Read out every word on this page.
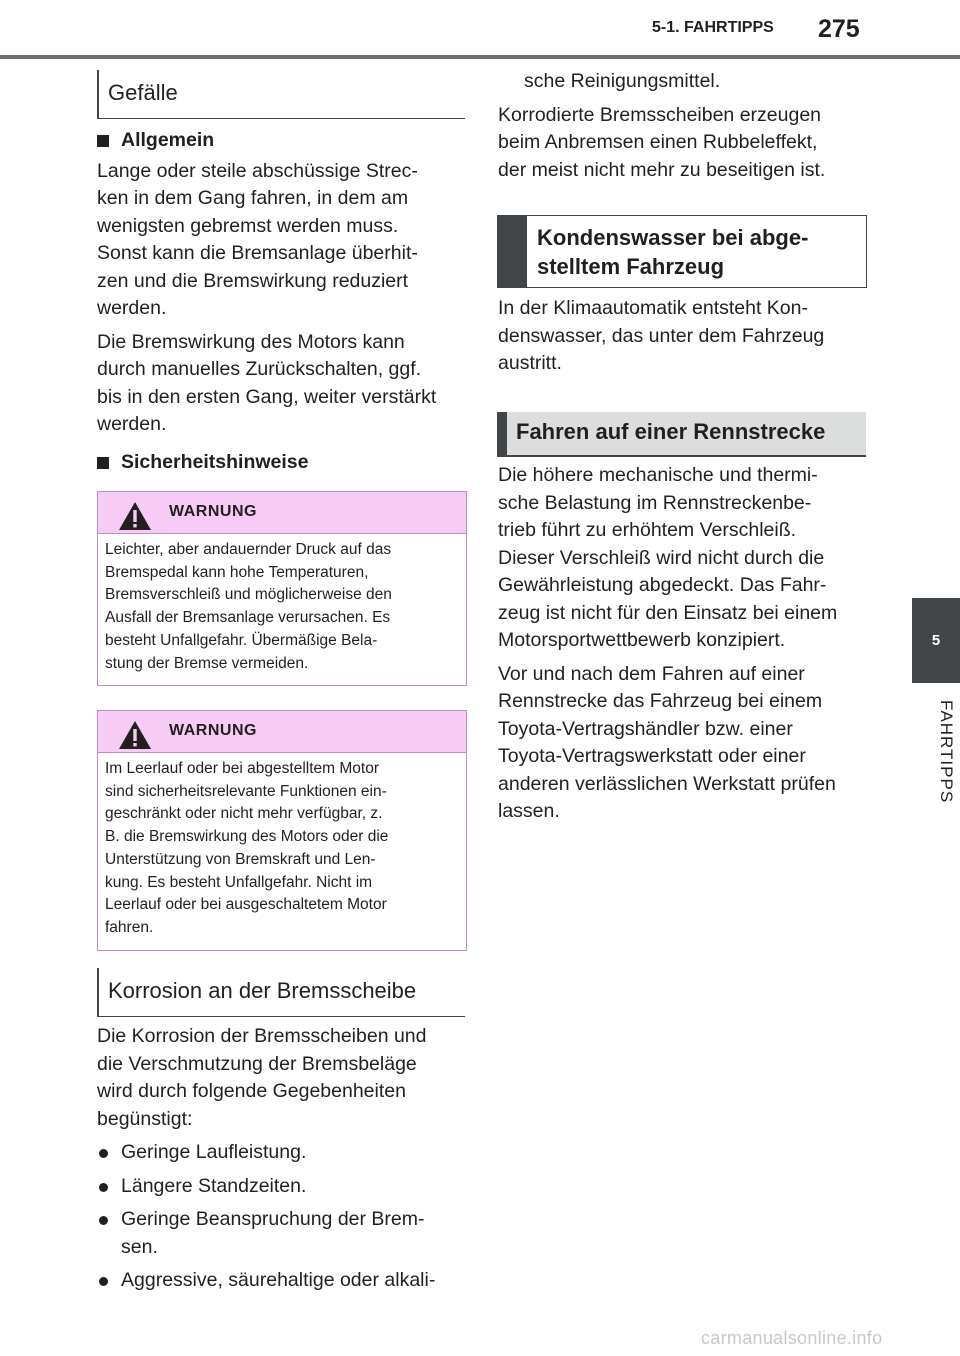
5-1. FAHRTIPPS 275
5
FAHRTIPPS
Gefälle
Allgemein

Lange oder steile abschüssige Strec-
ken in dem Gang fahren, in dem am
wenigsten gebremst werden muss.
Sonst kann die Bremsanlage überhit-
zen und die Bremswirkung reduziert
werden.

Die Bremswirkung des Motors kann
durch manuelles Zurückschalten, ggf.
bis in den ersten Gang, weiter verstärkt
werden.

Sicherheitshinweise
WARNUNG
Leichter, aber andauernder Druck auf das
Bremspedal kann hohe Temperaturen,
Bremsverschleiß und möglicherweise den
Ausfall der Bremsanlage verursachen. Es
besteht Unfallgefahr. Übermäßige Bela-
stung der Bremse vermeiden.
WARNUNG
Im Leerlauf oder bei abgestelltem Motor
sind sicherheitsrelevante Funktionen ein-
geschränkt oder nicht mehr verfügbar, z.
B. die Bremswirkung des Motors oder die
Unterstützung von Bremskraft und Len-
kung. Es besteht Unfallgefahr. Nicht im
Leerlauf oder bei ausgeschaltetem Motor
fahren.
Korrosion an der Bremsscheibe

Die Korrosion der Bremsscheiben und
die Verschmutzung der Bremsbeläge
wird durch folgende Gegebenheiten
begünstigt:

Geringe Laufleistung.
Längere Standzeiten.
Geringe Beanspruchung der Brem-
sen.
Aggressive, säurehaltige oder alkali-

sche Reinigungsmittel.

Korrodierte Bremsscheiben erzeugen
beim Anbremsen einen Rubbeleffekt,
der meist nicht mehr zu beseitigen ist.

Kondenswasser bei abge-
stelltem Fahrzeug

In der Klimaautomatik entsteht Kon-
denswasser, das unter dem Fahrzeug
austritt.

Fahren auf einer Rennstrecke

Die höhere mechanische und thermi-
sche Belastung im Rennstreckenbe-
trieb führt zu erhöhtem Verschleiß.
Dieser Verschleiß wird nicht durch die
Gewährleistung abgedeckt. Das Fahr-
zeug ist nicht für den Einsatz bei einem
Motorsportwettbewerb konzipiert.

Vor und nach dem Fahren auf einer
Rennstrecke das Fahrzeug bei einem
Toyota-Vertragshändler bzw. einer
Toyota-Vertragswerkstatt oder einer
anderen verlässlichen Werkstatt prüfen
lassen.

carmanualsonline.info
